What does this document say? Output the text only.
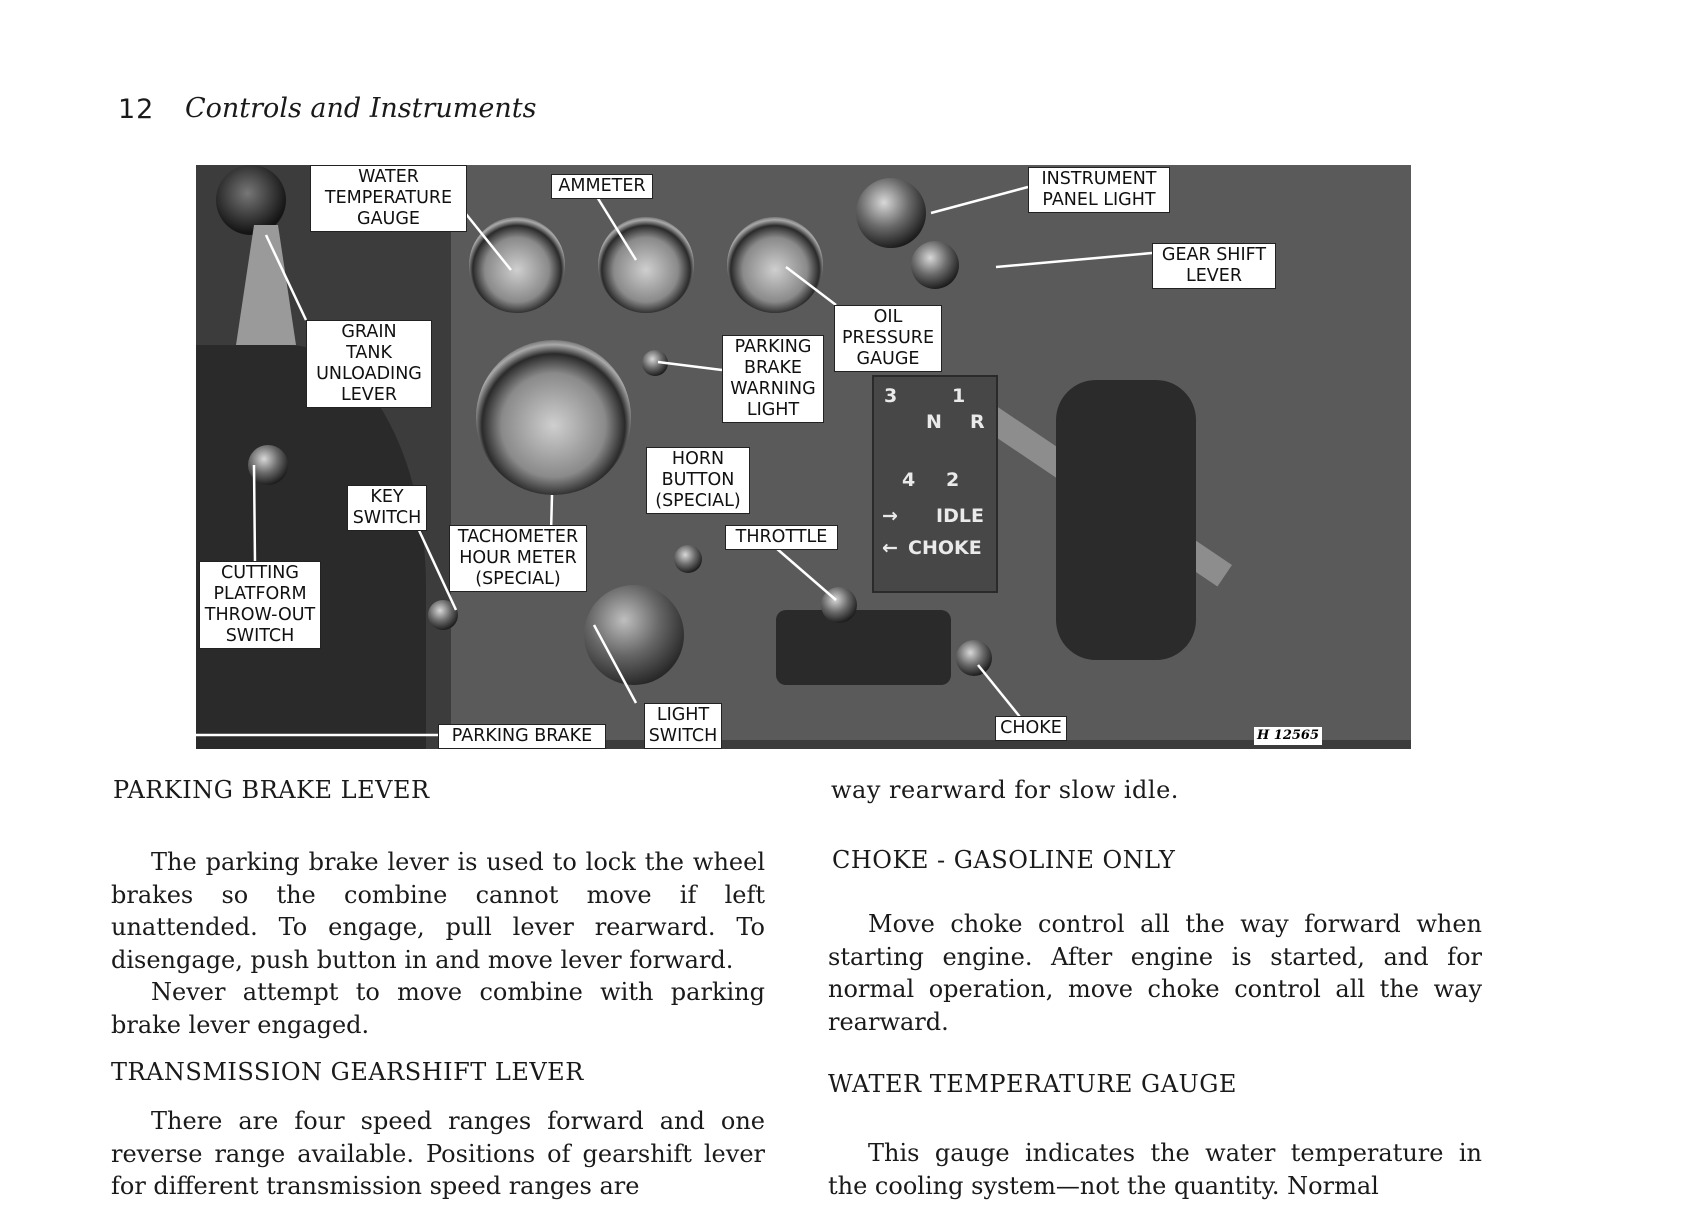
12 Controls and Instruments
3	1
N R
4 2
→ IDLE
← CHOKE
WATER
TEMPERATURE
GAUGE
AMMETER	INSTRUMENT
PANEL LIGHT
GEAR SHIFT
LEVER
OIL
PRESSURE
GAUGE
GRAIN
TANK
UNLOADING
LEVER
PARKING
BRAKE
WARNING
LIGHT
HORN
BUTTON
(SPECIAL)
KEY
SWITCH
TACHOMETER
HOUR METER
(SPECIAL)
THROTTLE
CUTTING
PLATFORM
THROW-OUT
SWITCH
PARKING BRAKE
LIGHT
SWITCH	CHOKE	H 12565
PARKING BRAKE LEVER

The parking brake lever is used to lock the wheel brakes so the combine cannot move if left unattended. To engage, pull lever rearward. To disengage, push button in and move lever forward.

Never attempt to move combine with parking brake lever engaged.

TRANSMISSION GEARSHIFT LEVER

There are four speed ranges forward and one reverse range available. Positions of gearshift lever for different transmission speed ranges are

way rearward for slow idle.
CHOKE - GASOLINE ONLY

Move choke control all the way forward when starting engine. After engine is started, and for normal operation, move choke control all the way rearward.

WATER TEMPERATURE GAUGE

This gauge indicates the water temperature in the cooling system—not the quantity. Normal
